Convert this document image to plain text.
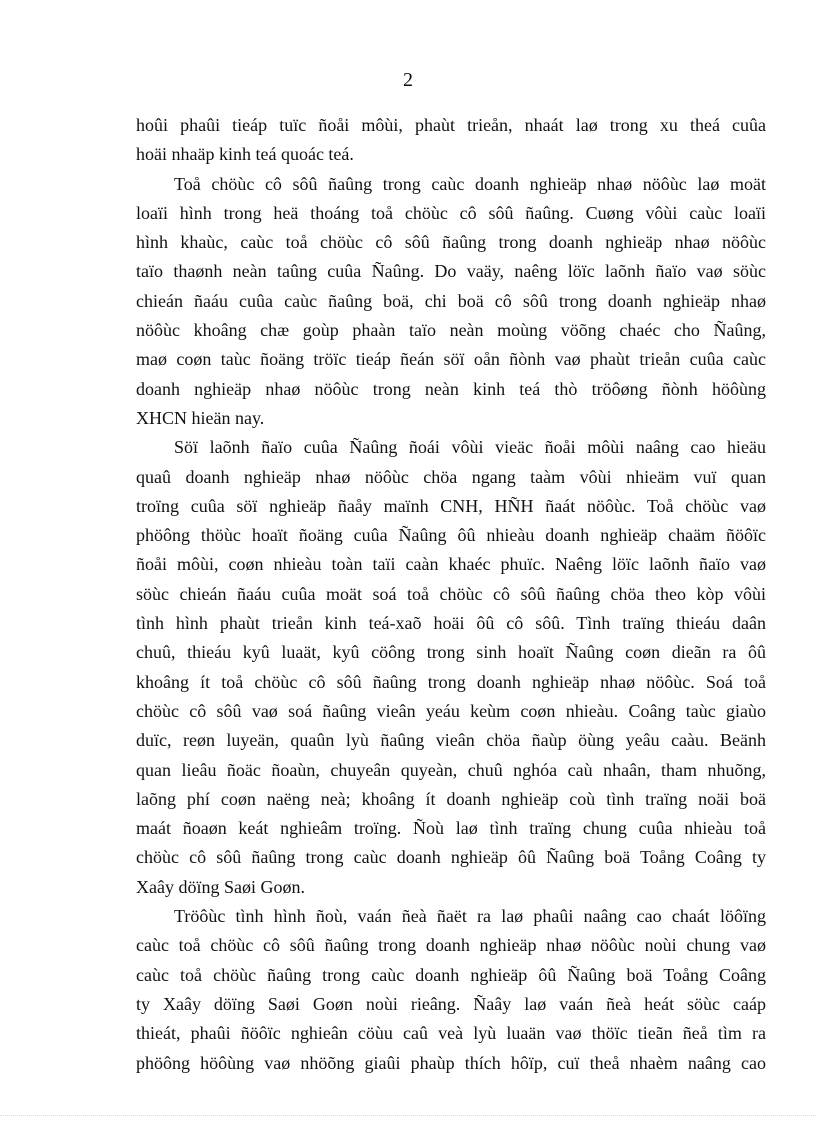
2

hoûi phaûi tieáp tuïc ñoåi môùi, phaùt trieån, nhaát laø trong xu theá cuûa
hoäi nhaäp kinh teá quoác teá.

Toå chöùc cô sôû ñaûng trong caùc doanh nghieäp nhaø nöôùc laø moät
loaïi hình trong heä thoáng toå chöùc cô sôû ñaûng. Cuøng vôùi caùc loaïi
hình khaùc, caùc toå chöùc cô sôû ñaûng trong doanh nghieäp nhaø nöôùc
taïo thaønh neàn taûng cuûa Ñaûng. Do vaäy, naêng löïc laõnh ñaïo vaø söùc
chieán ñaáu cuûa caùc ñaûng boä, chi boä cô sôû trong doanh nghieäp nhaø
nöôùc khoâng chæ goùp phaàn taïo neàn moùng vöõng chaéc cho Ñaûng,
maø coøn taùc ñoäng tröïc tieáp ñeán söï oån ñònh vaø phaùt trieån cuûa caùc
doanh nghieäp nhaø nöôùc trong neàn kinh teá thò tröôøng ñònh höôùng
XHCN hieän nay.

Söï laõnh ñaïo cuûa Ñaûng ñoái vôùi vieäc ñoåi môùi naâng cao hieäu
quaû doanh nghieäp nhaø nöôùc chöa ngang taàm vôùi nhieäm vuï quan
troïng cuûa söï nghieäp ñaåy maïnh CNH, HÑH ñaát nöôùc. Toå chöùc vaø
phöông thöùc hoaït ñoäng cuûa Ñaûng ôû nhieàu doanh nghieäp chaäm ñöôïc
ñoåi môùi, coøn nhieàu toàn taïi caàn khaéc phuïc. Naêng löïc laõnh ñaïo vaø
söùc chieán ñaáu cuûa moät soá toå chöùc cô sôû ñaûng chöa theo kòp vôùi
tình hình phaùt trieån kinh teá-xaõ hoäi ôû cô sôû. Tình traïng thieáu daân
chuû, thieáu kyû luaät, kyû cöông trong sinh hoaït Ñaûng coøn dieãn ra ôû
khoâng ít toå chöùc cô sôû ñaûng trong doanh nghieäp nhaø nöôùc. Soá toå
chöùc cô sôû vaø soá ñaûng vieân yeáu keùm coøn nhieàu. Coâng taùc giaùo
duïc, reøn luyeän, quaûn lyù ñaûng vieân chöa ñaùp öùng yeâu caàu. Beänh
quan lieâu ñoäc ñoaùn, chuyeân quyeàn, chuû nghóa caù nhaân, tham nhuõng,
laõng phí coøn naëng neà; khoâng ít doanh nghieäp coù tình traïng noäi boä
maát ñoaøn keát nghieâm troïng. Ñoù laø tình traïng chung cuûa nhieàu toå
chöùc cô sôû ñaûng trong caùc doanh nghieäp ôû Ñaûng boä Toång Coâng ty
Xaây döïng Saøi Goøn.

Tröôùc tình hình ñoù, vaán ñeà ñaët ra laø phaûi naâng cao chaát löôïng
caùc toå chöùc cô sôû ñaûng trong doanh nghieäp nhaø nöôùc noùi chung vaø
caùc toå chöùc ñaûng trong caùc doanh nghieäp ôû Ñaûng boä Toång Coâng
ty Xaây döïng Saøi Goøn noùi rieâng. Ñaây laø vaán ñeà heát söùc caáp
thieát, phaûi ñöôïc nghieân cöùu caû veà lyù luaän vaø thöïc tieãn ñeå tìm ra
phöông höôùng vaø nhöõng giaûi phaùp thích hôïp, cuï theå nhaèm naâng cao
